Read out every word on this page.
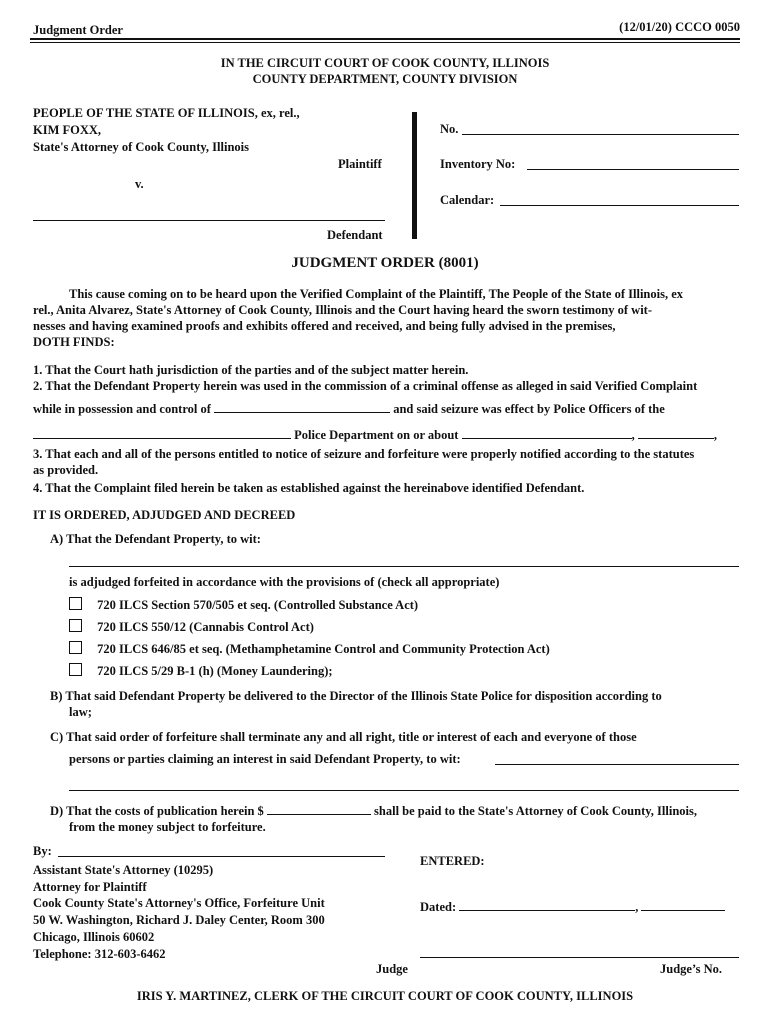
Judgment Order	(12/01/20) CCCO 0050
IN THE CIRCUIT COURT OF COOK COUNTY, ILLINOIS
COUNTY DEPARTMENT, COUNTY DIVISION
PEOPLE OF THE STATE OF ILLINOIS, ex, rel.,
KIM FOXX,
State's Attorney of Cook County, Illinois
Plaintiff
v.
Defendant
No.
Inventory No:
Calendar:
JUDGMENT ORDER (8001)
This cause coming on to be heard upon the Verified Complaint of the Plaintiff, The People of the State of Illinois, ex
rel., Anita Alvarez, State's Attorney of Cook County, Illinois and the Court having heard the sworn testimony of wit-
nesses and having examined proofs and exhibits offered and received, and being fully advised in the premises,
DOTH FINDS:
1. That the Court hath jurisdiction of the parties and of the subject matter herein.
2. That the Defendant Property herein was used in the commission of a criminal offense as alleged in said Verified Complaint
while in possession and control of	and said seizure was effect by Police Officers of the
Police Department on or about	,	,
3. That each and all of the persons entitled to notice of seizure and forfeiture were properly notified according to the statutes
as provided.
4. That the Complaint filed herein be taken as established against the hereinabove identified Defendant.
IT IS ORDERED, ADJUDGED AND DECREED
A) That the Defendant Property, to wit:
is adjudged forfeited in accordance with the provisions of (check all appropriate)
720 ILCS Section 570/505 et seq. (Controlled Substance Act)
720 ILCS 550/12 (Cannabis Control Act)
720 ILCS 646/85 et seq. (Methamphetamine Control and Community Protection Act)
720 ILCS 5/29 B-1 (h) (Money Laundering);
B) That said Defendant Property be delivered to the Director of the Illinois State Police for disposition according to
law;
C) That said order of forfeiture shall terminate any and all right, title or interest of each and everyone of those
persons or parties claiming an interest in said Defendant Property, to wit:
D) That the costs of publication herein $	shall be paid to the State's Attorney of Cook County, Illinois,
from the money subject to forfeiture.
By:
Assistant State's Attorney (10295)
Attorney for Plaintiff
Cook County State's Attorney's Office, Forfeiture Unit
50 W. Washington, Richard J. Daley Center, Room 300
Chicago, Illinois 60602
Telephone: 312-603-6462
ENTERED:
Dated:	,
Judge	Judge’s No.
IRIS Y. MARTINEZ, CLERK OF THE CIRCUIT COURT OF COOK COUNTY, ILLINOIS
